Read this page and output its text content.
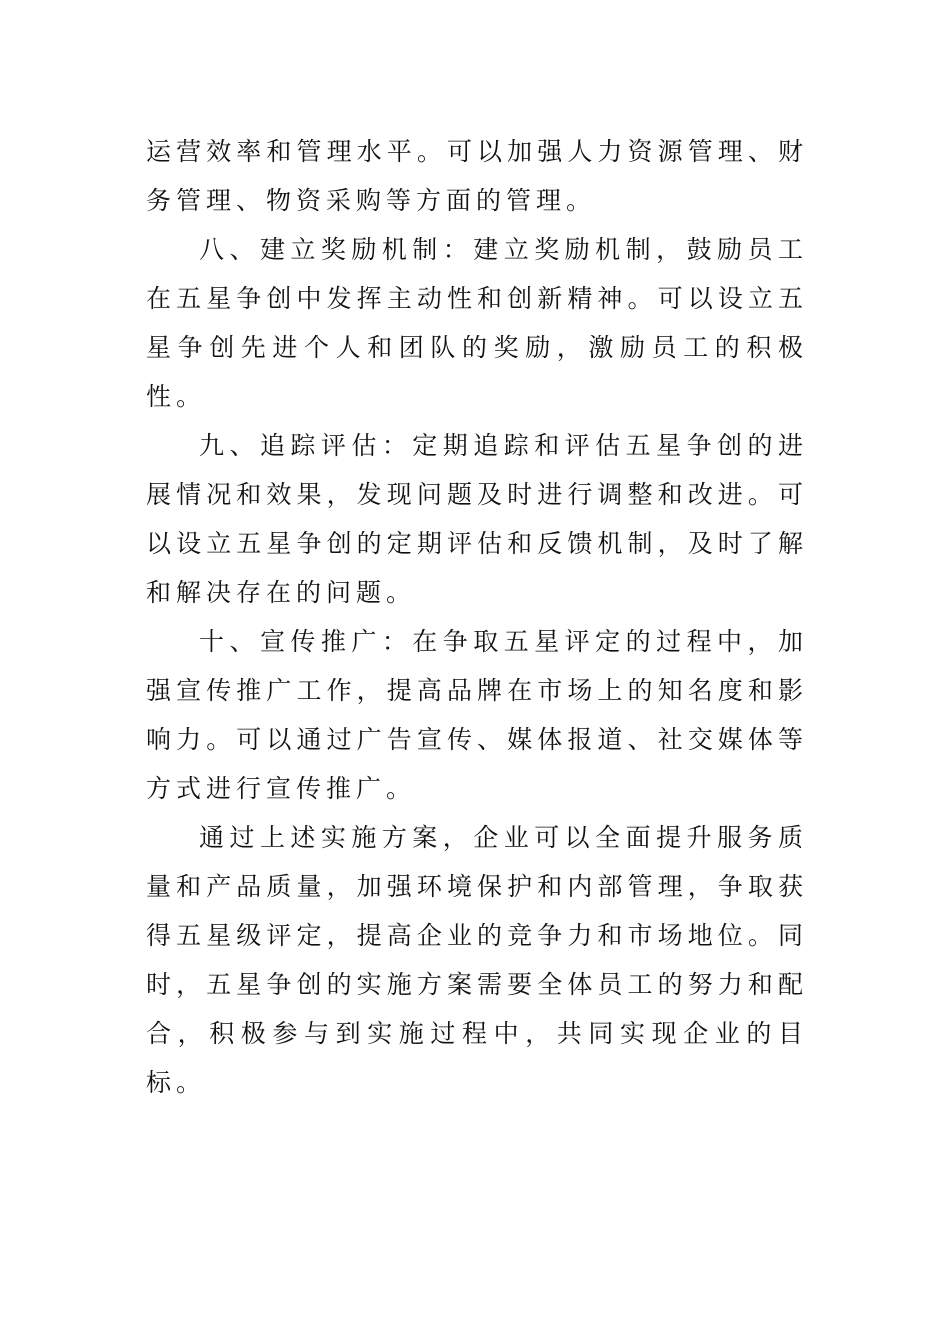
运营效率和管理水平。可以加强人力资源管理、财务管理、物资采购等方面的管理。

八、建立奖励机制：建立奖励机制，鼓励员工在五星争创中发挥主动性和创新精神。可以设立五星争创先进个人和团队的奖励，激励员工的积极性。

九、追踪评估：定期追踪和评估五星争创的进展情况和效果，发现问题及时进行调整和改进。可以设立五星争创的定期评估和反馈机制，及时了解和解决存在的问题。

十、宣传推广：在争取五星评定的过程中，加强宣传推广工作，提高品牌在市场上的知名度和影响力。可以通过广告宣传、媒体报道、社交媒体等方式进行宣传推广。

通过上述实施方案，企业可以全面提升服务质量和产品质量，加强环境保护和内部管理，争取获得五星级评定，提高企业的竞争力和市场地位。同时，五星争创的实施方案需要全体员工的努力和配合，积极参与到实施过程中，共同实现企业的目标。
